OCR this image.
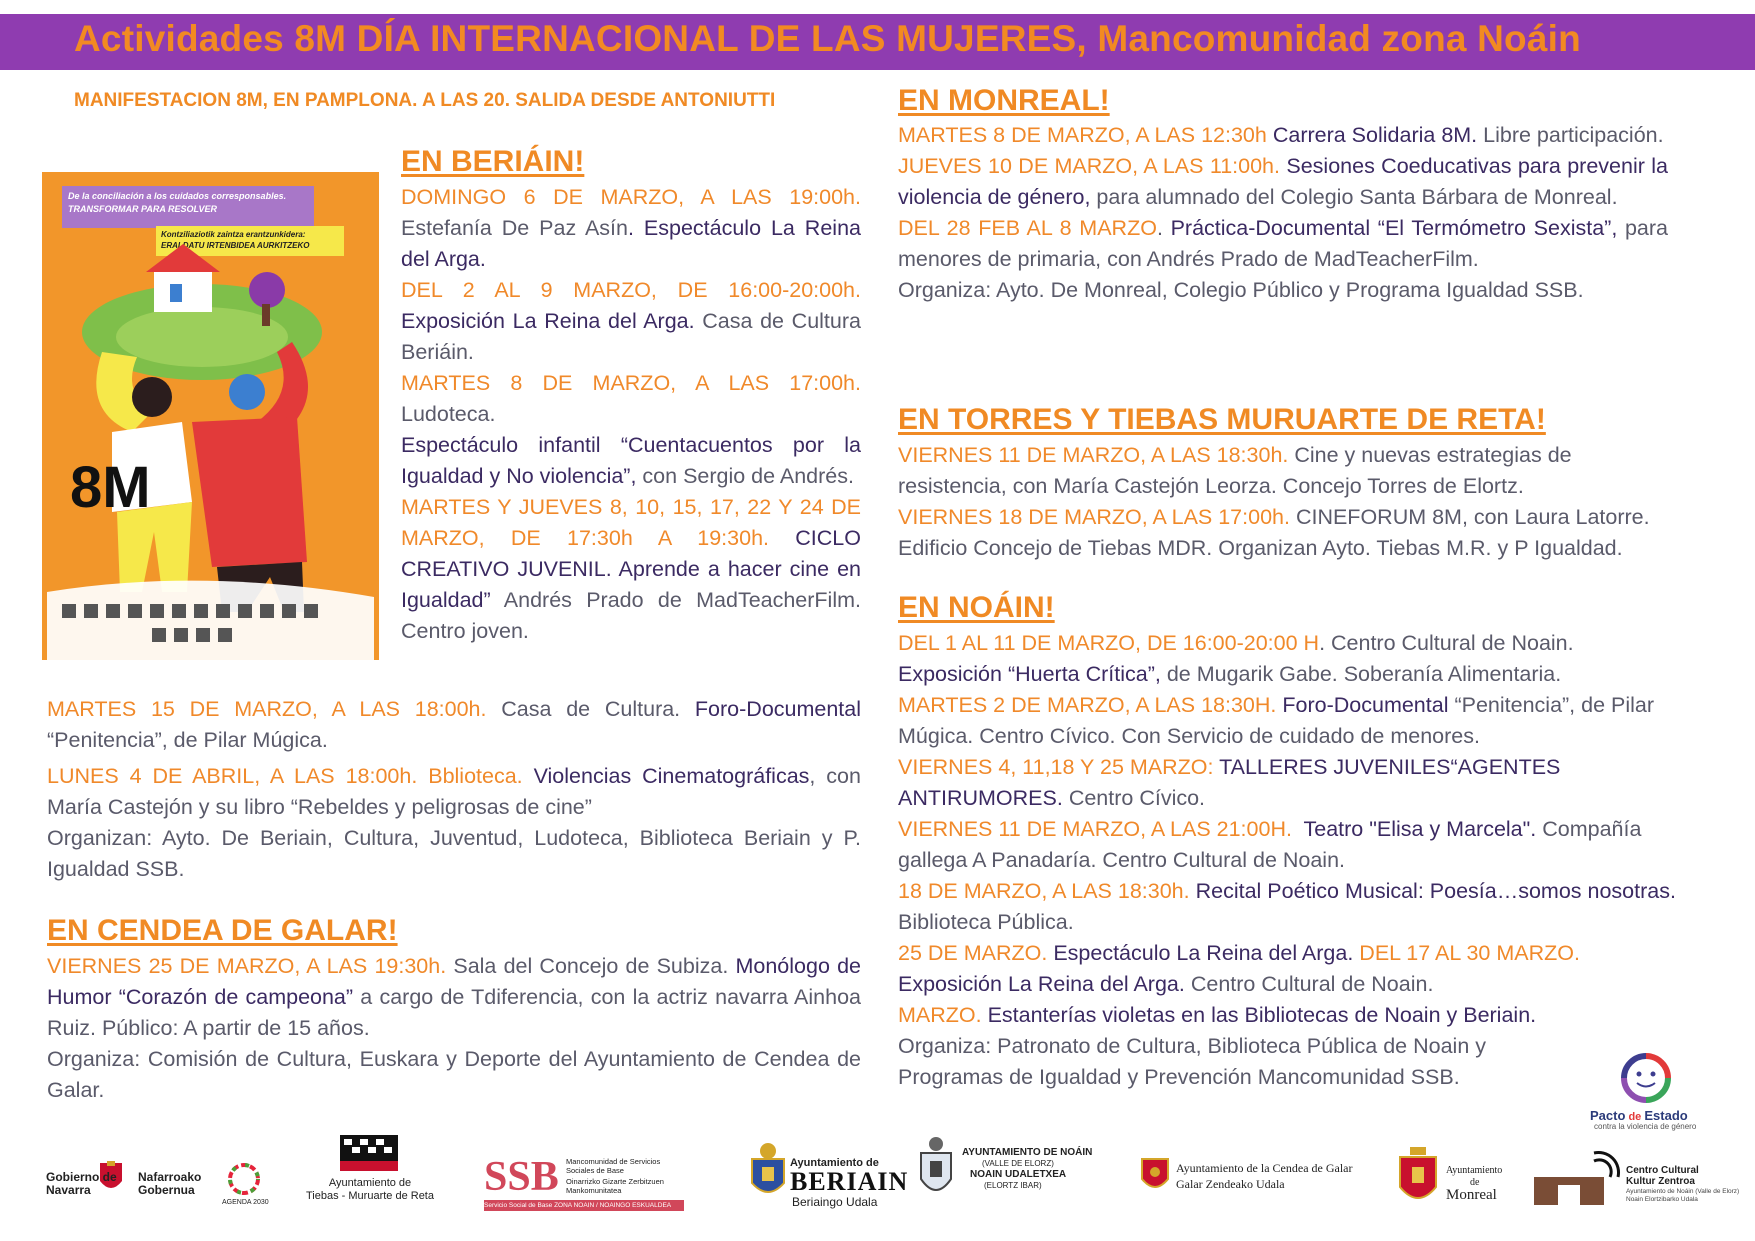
Actividades 8M DÍA INTERNACIONAL DE LAS MUJERES, Mancomunidad zona Noáin
MANIFESTACION 8M, EN PAMPLONA. A LAS 20. SALIDA DESDE ANTONIUTTI
De la conciliación a los cuidados corresponsables. TRANSFORMAR PARA RESOLVER
Kontziliaziotik zaintza erantzunkidera: ERALDATU IRTENBIDEA AURKITZEKO
8M
EN BERIÁIN!
DOMINGO 6 DE MARZO, A LAS 19:00h. Estefanía De Paz Asín. Espectáculo La Reina del Arga.
DEL 2 AL 9 MARZO, DE 16:00-20:00h. Exposición La Reina del Arga. Casa de Cultura Beriáin.
MARTES 8 DE MARZO, A LAS 17:00h. Ludoteca.
Espectáculo infantil “Cuentacuentos por la Igualdad y No violencia”, con Sergio de Andrés.
MARTES Y JUEVES 8, 10, 15, 17, 22 Y 24 DE MARZO, DE 17:30h A 19:30h. CICLO CREATIVO JUVENIL. Aprende a hacer cine en Igualdad” Andrés Prado de MadTeacherFilm. Centro joven.
MARTES 15 DE MARZO, A LAS 18:00h. Casa de Cultura. Foro-Documental “Penitencia”, de Pilar Múgica.
LUNES 4 DE ABRIL, A LAS 18:00h. Bblioteca. Violencias Cinematográficas, con María Castejón y su libro “Rebeldes y peligrosas de cine”
Organizan: Ayto. De Beriain, Cultura, Juventud, Ludoteca, Biblioteca Beriain y P. Igualdad SSB.
EN CENDEA DE GALAR!
VIERNES 25 DE MARZO, A LAS 19:30h. Sala del Concejo de Subiza. Monólogo de Humor “Corazón de campeona” a cargo de Tdiferencia, con la actriz navarra Ainhoa Ruiz. Público: A partir de 15 años.
Organiza: Comisión de Cultura, Euskara y Deporte del Ayuntamiento de Cendea de Galar.
EN MONREAL!
MARTES 8 DE MARZO, A LAS 12:30h Carrera Solidaria 8M. Libre participación.
JUEVES 10 DE MARZO, A LAS 11:00h. Sesiones Coeducativas para prevenir la violencia de género, para alumnado del Colegio Santa Bárbara de Monreal.
DEL 28 FEB AL 8 MARZO. Práctica-Documental “El Termómetro Sexista”, para menores de primaria, con Andrés Prado de MadTeacherFilm.
Organiza: Ayto. De Monreal, Colegio Público y Programa Igualdad SSB.
EN TORRES Y TIEBAS MURUARTE DE RETA!
VIERNES 11 DE MARZO, A LAS 18:30h. Cine y nuevas estrategias de resistencia, con María Castejón Leorza. Concejo Torres de Elortz.
VIERNES 18 DE MARZO, A LAS 17:00h. CINEFORUM 8M, con Laura Latorre. Edificio Concejo de Tiebas MDR. Organizan Ayto. Tiebas M.R. y P Igualdad.
EN NOÁIN!
DEL 1 AL 11 DE MARZO, DE 16:00-20:00 H. Centro Cultural de Noain.
Exposición “Huerta Crítica”, de Mugarik Gabe. Soberanía Alimentaria.
MARTES 2 DE MARZO, A LAS 18:30H. Foro-Documental “Penitencia”, de Pilar Múgica. Centro Cívico. Con Servicio de cuidado de menores.
VIERNES 4, 11,18 Y 25 MARZO: TALLERES JUVENILES“AGENTES ANTIRUMORES. Centro Cívico.
VIERNES 11 DE MARZO, A LAS 21:00H.  Teatro "Elisa y Marcela". Compañía gallega A Panadaría. Centro Cultural de Noain.
18 DE MARZO, A LAS 18:30h. Recital Poético Musical: Poesía…somos nosotras. Biblioteca Pública.
25 DE MARZO. Espectáculo La Reina del Arga. DEL 17 AL 30 MARZO.
Exposición La Reina del Arga. Centro Cultural de Noain.
MARZO. Estanterías violetas en las Bibliotecas de Noain y Beriain.
Organiza: Patronato de Cultura, Biblioteca Pública de Noain y Programas de Igualdad y Prevención Mancomunidad SSB.
Pacto de Estado
contra la violencia de género
Gobierno de Navarra
Nafarroako Gobernua
AGENDA 2030
Ayuntamiento de
Tiebas - Muruarte de Reta	SSB Mancomunidad de Servicios Sociales de Base
Oinarrizko Gizarte Zerbitzuen Mankomunitatea
Servicio Social de Base ZONA NOAIN / NOAINGO ESKUALDEA
Ayuntamiento de
BERIAIN
Beriaingo Udala
AYUNTAMIENTO DE NOÁIN
(VALLE DE ELORZ)
NOAIN UDALETXEA
(ELORTZ IBAR)
Ayuntamiento de la Cendea de Galar
Galar Zendeako Udala
Ayuntamiento
de
Monreal
Centro Cultural
Kultur Zentroa
Ayuntamiento de Noáin (Valle de Elorz)
Noain Elortzibarko Udala
